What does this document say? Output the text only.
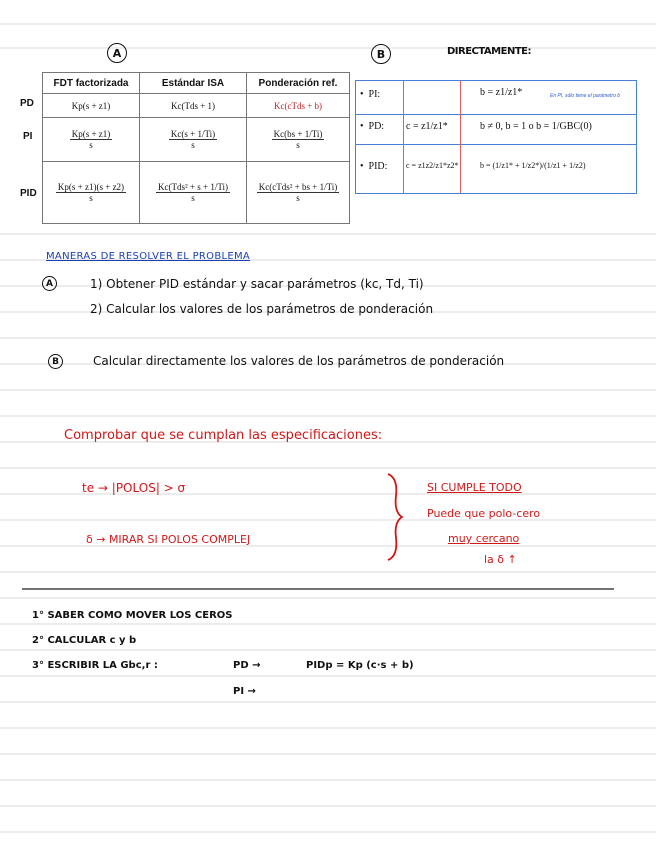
A	B	DIRECTAMENTE:
PD
PI
PID
FDT factorizada	Estándar ISA	Ponderación ref.
Kp(s + z1)	Kc(Tds + 1)	Kc(cTds + b)

$\frac{Kp(s + z1)}{s}$	$\frac{Kc(s + 1/Ti)}{s}$	$\frac{Kc(bs + 1/Ti)}{s}$

$\frac{Kp(s + z1)(s + z2)}{s}$	$\frac{\text{Kc(Tds² + s + 1/Ti)}}{s}$	$\frac{\text{Kc(cTds² + bs + 1/Ti)}}{s}$
•  PI:	b = z1/z1*	En PI, sólo tiene el parámetro b
•  PD: c = z1/z1*	b ≠ 0, b = 1 o b = 1/GBC(0)
•  PID: c = z1z2/z1*z2*	b = (1/z1* + 1/z2*)/(1/z1 + 1/z2)
MANERAS DE RESOLVER EL PROBLEMA
A	1) Obtener PID estándar y sacar parámetros (kc, Td, Ti)
2) Calcular los valores de los parámetros de ponderación
B	Calcular directamente los valores de los parámetros de ponderación
Comprobar que se cumplan las especificaciones:
te → |POLOS| > σ
δ → MIRAR SI POLOS COMPLEJ
SI CUMPLE TODO
Puede que polo-cero
muy cercano
la δ ↑
1° SABER COMO MOVER LOS CEROS
2° CALCULAR c y b
3° ESCRIBIR LA Gbc,r :	PD →	PIDp = Kp (c·s + b)
PI →
